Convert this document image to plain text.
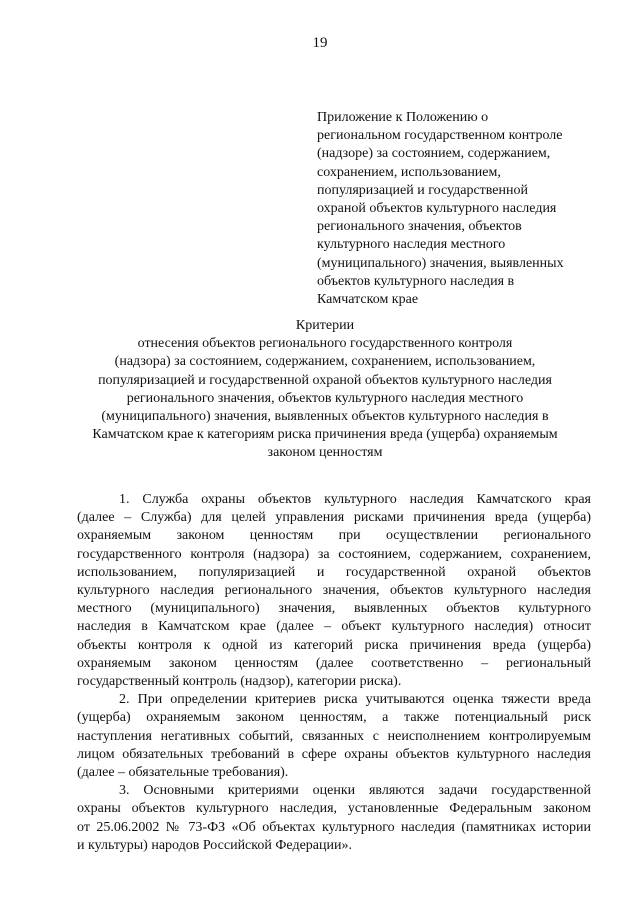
19
Приложение к Положению о
региональном государственном контроле
(надзоре) за состоянием, содержанием,
сохранением, использованием,
популяризацией и государственной
охраной объектов культурного наследия
регионального значения, объектов
культурного наследия местного
(муниципального) значения, выявленных
объектов культурного наследия в
Камчатском крае
Критерии
отнесения объектов регионального государственного контроля
(надзора) за состоянием, содержанием, сохранением, использованием,
популяризацией и государственной охраной объектов культурного наследия
регионального значения, объектов культурного наследия местного
(муниципального) значения, выявленных объектов культурного наследия в
Камчатском крае к категориям риска причинения вреда (ущерба) охраняемым
законом ценностям
1. Служба охраны объектов культурного наследия Камчатского края
(далее – Служба) для целей управления рисками причинения вреда (ущерба)
охраняемым законом ценностям при осуществлении регионального
государственного контроля (надзора) за состоянием, содержанием, сохранением,
использованием, популяризацией и государственной охраной объектов
культурного наследия регионального значения, объектов культурного наследия
местного (муниципального) значения, выявленных объектов культурного
наследия в Камчатском крае (далее – объект культурного наследия) относит
объекты контроля к одной из категорий риска причинения вреда (ущерба)
охраняемым законом ценностям (далее соответственно – региональный
государственный контроль (надзор), категории риска).
2. При определении критериев риска учитываются оценка тяжести вреда
(ущерба) охраняемым законом ценностям, а также потенциальный риск
наступления негативных событий, связанных с неисполнением контролируемым
лицом обязательных требований в сфере охраны объектов культурного наследия
(далее – обязательные требования).
3. Основными критериями оценки являются задачи государственной
охраны объектов культурного наследия, установленные Федеральным законом
от 25.06.2002 № 73-ФЗ «Об объектах культурного наследия (памятниках истории
и культуры) народов Российской Федерации».
